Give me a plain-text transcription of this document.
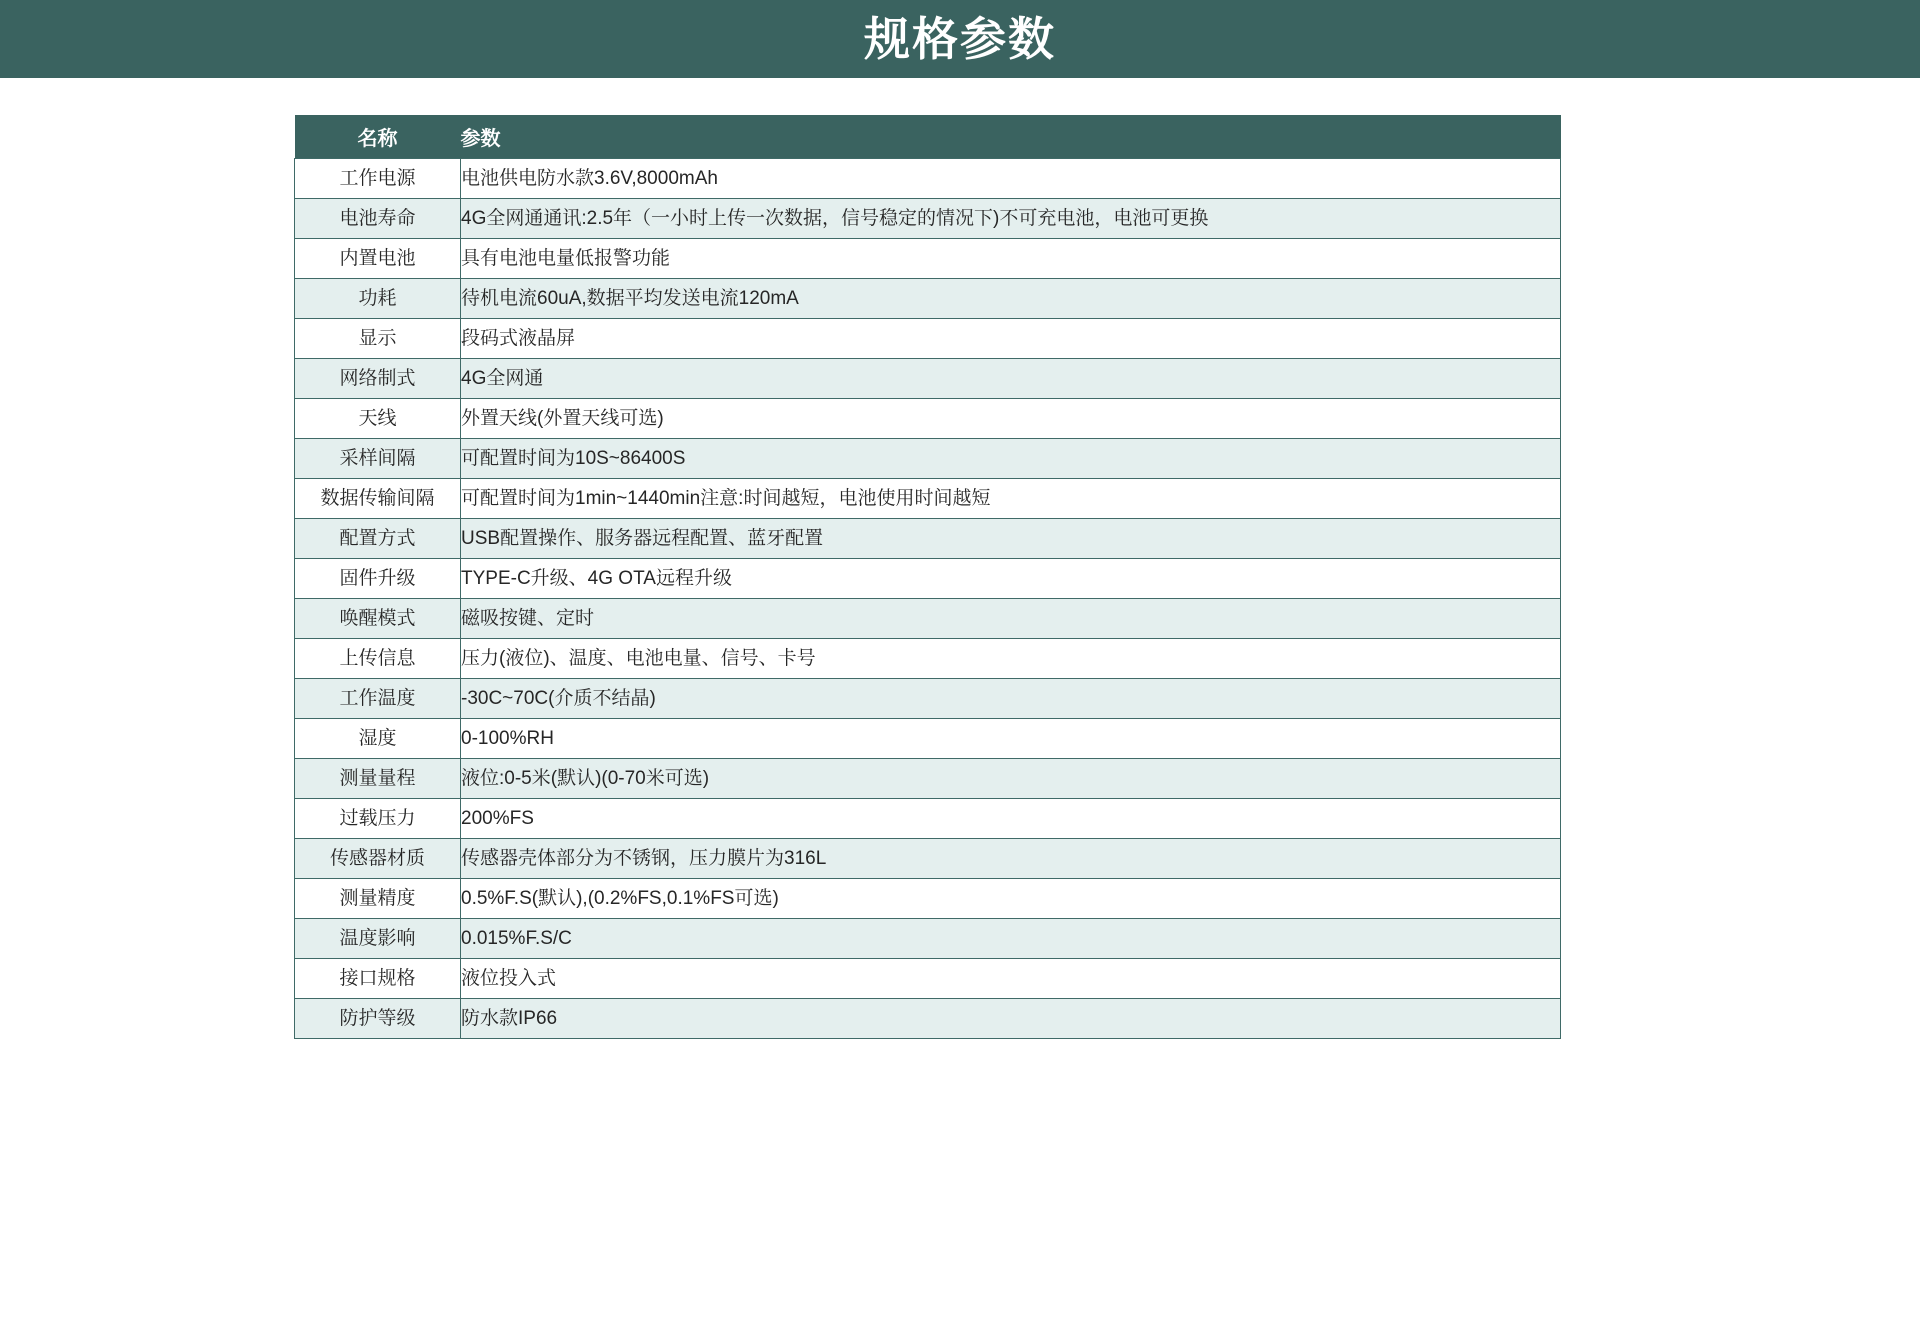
规格参数
名称	参数
工作电源	电池供电防水款3.6V,8000mAh
电池寿命	4G全网通通讯:2.5年（一小时上传一次数据，信号稳定的情况下)不可充电池，电池可更换
内置电池	具有电池电量低报警功能
功耗	待机电流60uA,数据平均发送电流120mA
显示	段码式液晶屏
网络制式	4G全网通
天线	外置天线(外置天线可选)
采样间隔	可配置时间为10S~86400S
数据传输间隔	可配置时间为1min~1440min注意:时间越短，电池使用时间越短
配置方式	USB配置操作、服务器远程配置、蓝牙配置
固件升级	TYPE-C升级、4G OTA远程升级
唤醒模式	磁吸按键、定时
上传信息	压力(液位)、温度、电池电量、信号、卡号
工作温度	-30C~70C(介质不结晶)
湿度	0-100%RH
测量量程	液位:0-5米(默认)(0-70米可选)
过载压力	200%FS
传感器材质	传感器壳体部分为不锈钢，压力膜片为316L
测量精度	0.5%F.S(默认),(0.2%FS,0.1%FS可选)
温度影响	0.015%F.S/C
接口规格	液位投入式
防护等级	防水款IP66
